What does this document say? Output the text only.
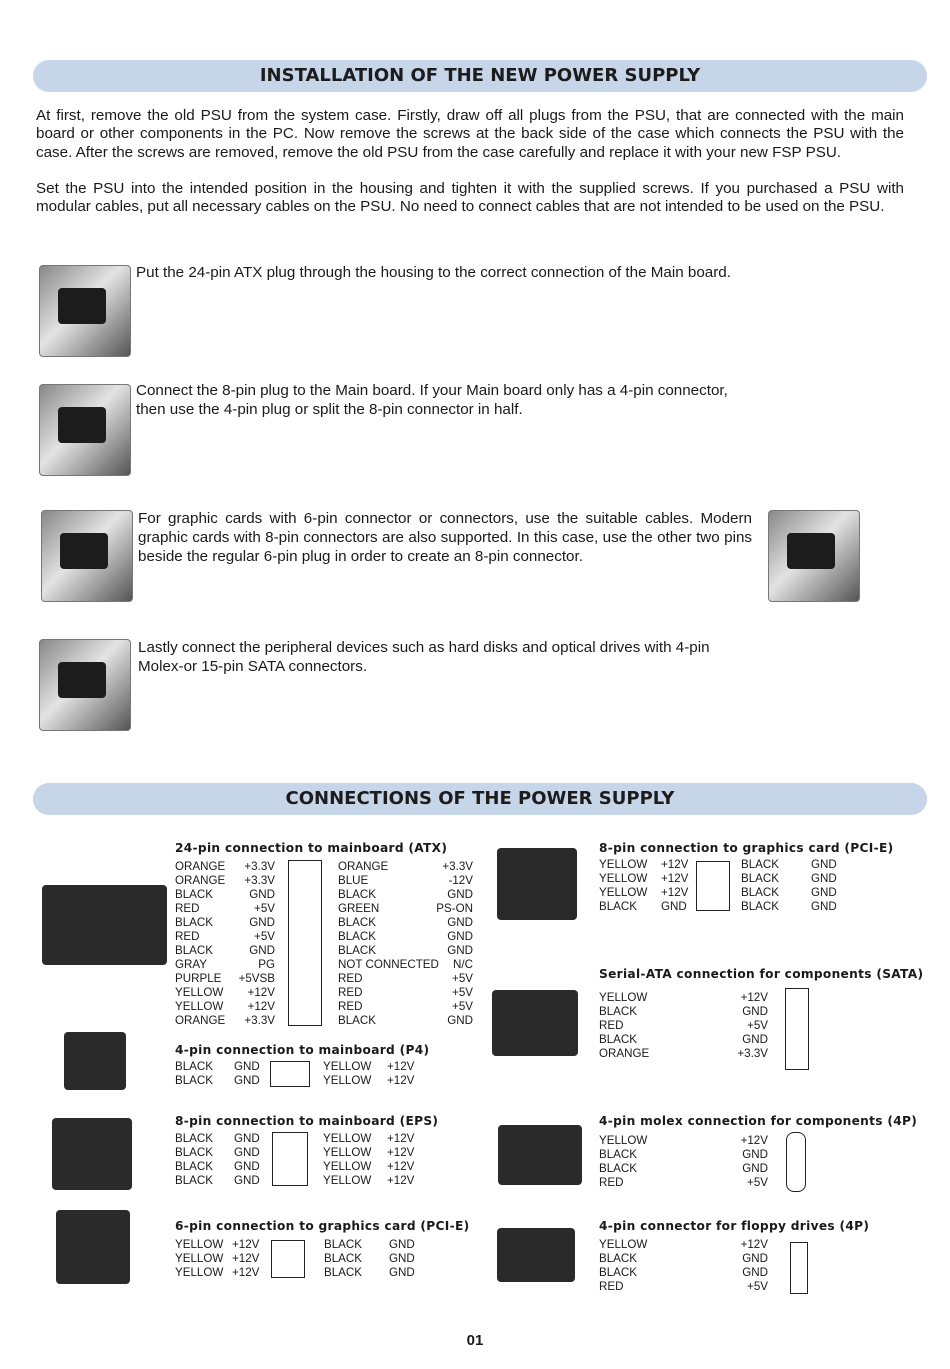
INSTALLATION OF THE NEW POWER SUPPLY

At first, remove the old PSU from the system case. Firstly, draw off all plugs from the PSU, that are connected with the main board or other components in the PC. Now remove the screws at the back side of the case which connects the PSU with the case. After the screws are removed, remove the old PSU from the case carefully and replace it with your new FSP PSU.

Set the PSU into the intended position in the housing and tighten it with the supplied screws. If you purchased a PSU with modular cables, put all necessary cables on the PSU. No need to connect cables that are not intended to be used on the PSU.

Put the 24-pin ATX plug through the housing to the correct connection of the Main board.

Connect the 8-pin plug to the Main board. If your Main board only has a 4-pin connector, then use the 4-pin plug or split the 8-pin connector in half.

For graphic cards with 6-pin connector or connectors, use the suitable cables. Modern graphic cards with 8-pin connectors are also supported. In this case, use the other two pins beside the regular 6-pin plug in order to create an 8-pin connector.

Lastly connect the peripheral devices such as hard disks and optical drives with 4-pin Molex-or 15-pin SATA connectors.

CONNECTIONS OF THE POWER SUPPLY
24-pin connection to mainboard (ATX)
ORANGE
ORANGE
BLACK
RED
BLACK
RED
BLACK
GRAY
PURPLE
YELLOW
YELLOW
ORANGE
+3.3V
+3.3V
GND
+5V
GND
+5V
GND
PG
+5VSB
+12V
+12V
+3.3V
ORANGE
BLUE
BLACK
GREEN
BLACK
BLACK
BLACK
NOT CONNECTED
RED
RED
RED
BLACK
+3.3V
-12V
GND
PS-ON
GND
GND
GND
N/C
+5V
+5V
+5V
GND
4-pin connection to mainboard (P4)
BLACK
BLACK
GND
GND
YELLOW
YELLOW
+12V
+12V
8-pin connection to mainboard (EPS)
BLACK
BLACK
BLACK
BLACK
GND
GND
GND
GND
YELLOW
YELLOW
YELLOW
YELLOW
+12V
+12V
+12V
+12V
6-pin connection to graphics card (PCI-E)
YELLOW
YELLOW
YELLOW
+12V
+12V
+12V
BLACK
BLACK
BLACK
GND
GND
GND
8-pin connection to graphics card (PCI-E)
YELLOW
YELLOW
YELLOW
BLACK
+12V
+12V
+12V
GND
BLACK
BLACK
BLACK
BLACK
GND
GND
GND
GND
Serial-ATA connection for components (SATA)
YELLOW
BLACK
RED
BLACK
ORANGE
+12V
GND
+5V
GND
+3.3V
4-pin molex connection for components (4P)
YELLOW
BLACK
BLACK
RED
+12V
GND
GND
+5V
4-pin connector for floppy drives (4P)
YELLOW
BLACK
BLACK
RED
+12V
GND
GND
+5V
01
